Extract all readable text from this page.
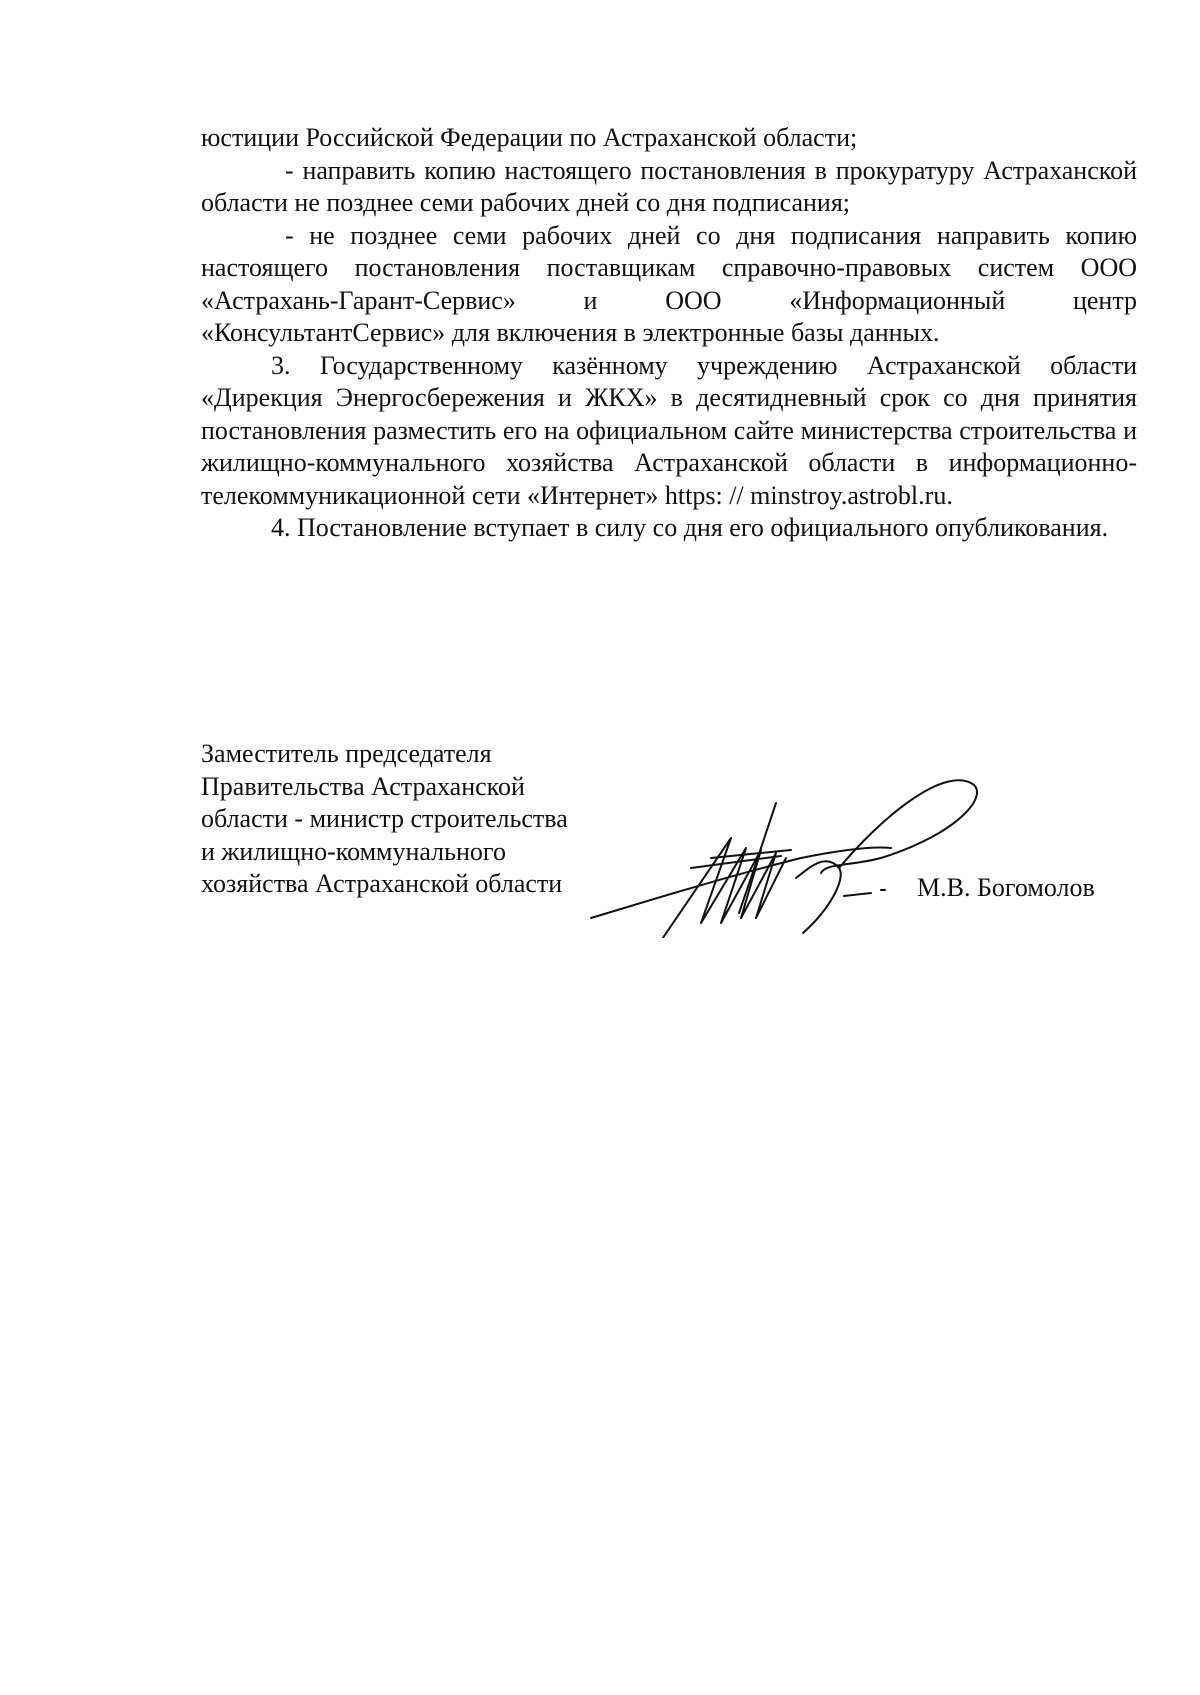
юстиции Российской Федерации по Астраханской области;

- направить копию настоящего постановления в прокуратуру Астраханской области не позднее семи рабочих дней со дня подписания;

- не позднее семи рабочих дней со дня подписания направить копию настоящего постановления поставщикам справочно-правовых систем ООО «Астрахань-Гарант-Сервис» и ООО «Информационный центр «КонсультантСервис» для включения в электронные базы данных.

3. Государственному казённому учреждению Астраханской области «Дирекция Энергосбережения и ЖКХ» в десятидневный срок со дня принятия постановления разместить его на официальном сайте министерства строительства и жилищно-коммунального хозяйства Астраханской области в информационно-телекоммуникационной сети «Интернет» https: // minstroy.astrobl.ru.

4. Постановление вступает в силу со дня его официального опубликования.

Заместитель председателя
Правительства Астраханской
области - министр строительства
и жилищно-коммунального
хозяйства Астраханской области	М.В. Богомолов
